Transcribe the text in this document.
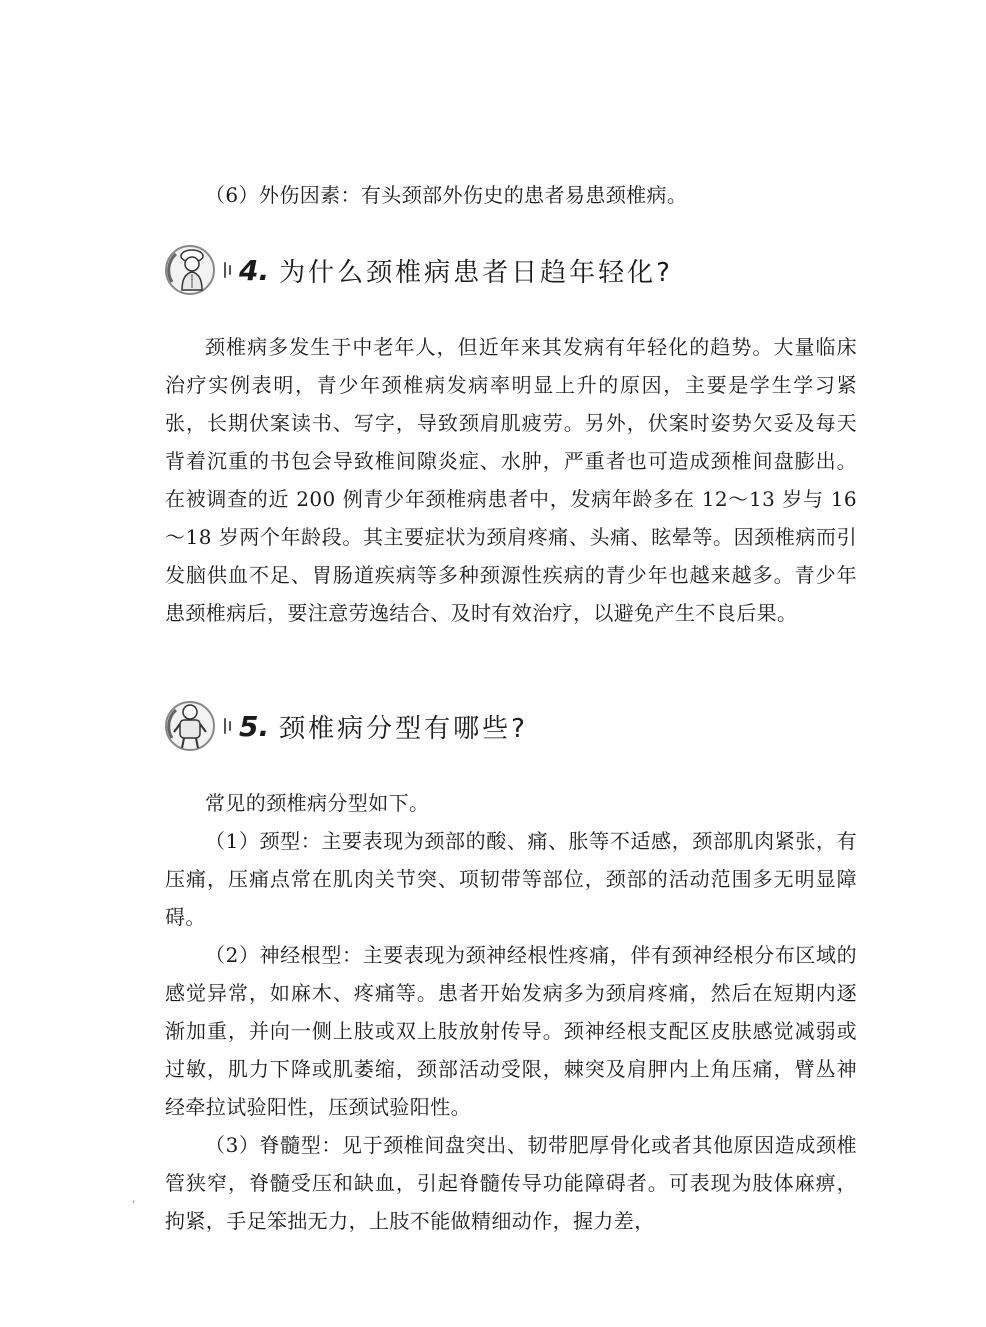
（6）外伤因素：有头颈部外伤史的患者易患颈椎病。

4. 为什么颈椎病患者日趋年轻化?

颈椎病多发生于中老年人，但近年来其发病有年轻化的趋势。大量临床治疗实例表明，青少年颈椎病发病率明显上升的原因，主要是学生学习紧张，长期伏案读书、写字，导致颈肩肌疲劳。另外，伏案时姿势欠妥及每天背着沉重的书包会导致椎间隙炎症、水肿，严重者也可造成颈椎间盘膨出。在被调查的近 200 例青少年颈椎病患者中，发病年龄多在 12～13 岁与 16～18 岁两个年龄段。其主要症状为颈肩疼痛、头痛、眩晕等。因颈椎病而引发脑供血不足、胃肠道疾病等多种颈源性疾病的青少年也越来越多。青少年患颈椎病后，要注意劳逸结合、及时有效治疗，以避免产生不良后果。

5. 颈椎病分型有哪些?

常见的颈椎病分型如下。

（1）颈型：主要表现为颈部的酸、痛、胀等不适感，颈部肌肉紧张，有压痛，压痛点常在肌肉关节突、项韧带等部位，颈部的活动范围多无明显障碍。

（2）神经根型：主要表现为颈神经根性疼痛，伴有颈神经根分布区域的感觉异常，如麻木、疼痛等。患者开始发病多为颈肩疼痛，然后在短期内逐渐加重，并向一侧上肢或双上肢放射传导。颈神经根支配区皮肤感觉减弱或过敏，肌力下降或肌萎缩，颈部活动受限，棘突及肩胛内上角压痛，臂丛神经牵拉试验阳性，压颈试验阳性。

（3）脊髓型：见于颈椎间盘突出、韧带肥厚骨化或者其他原因造成颈椎管狭窄，脊髓受压和缺血，引起脊髓传导功能障碍者。可表现为肢体麻痹，拘紧，手足笨拙无力，上肢不能做精细动作，握力差，

’
